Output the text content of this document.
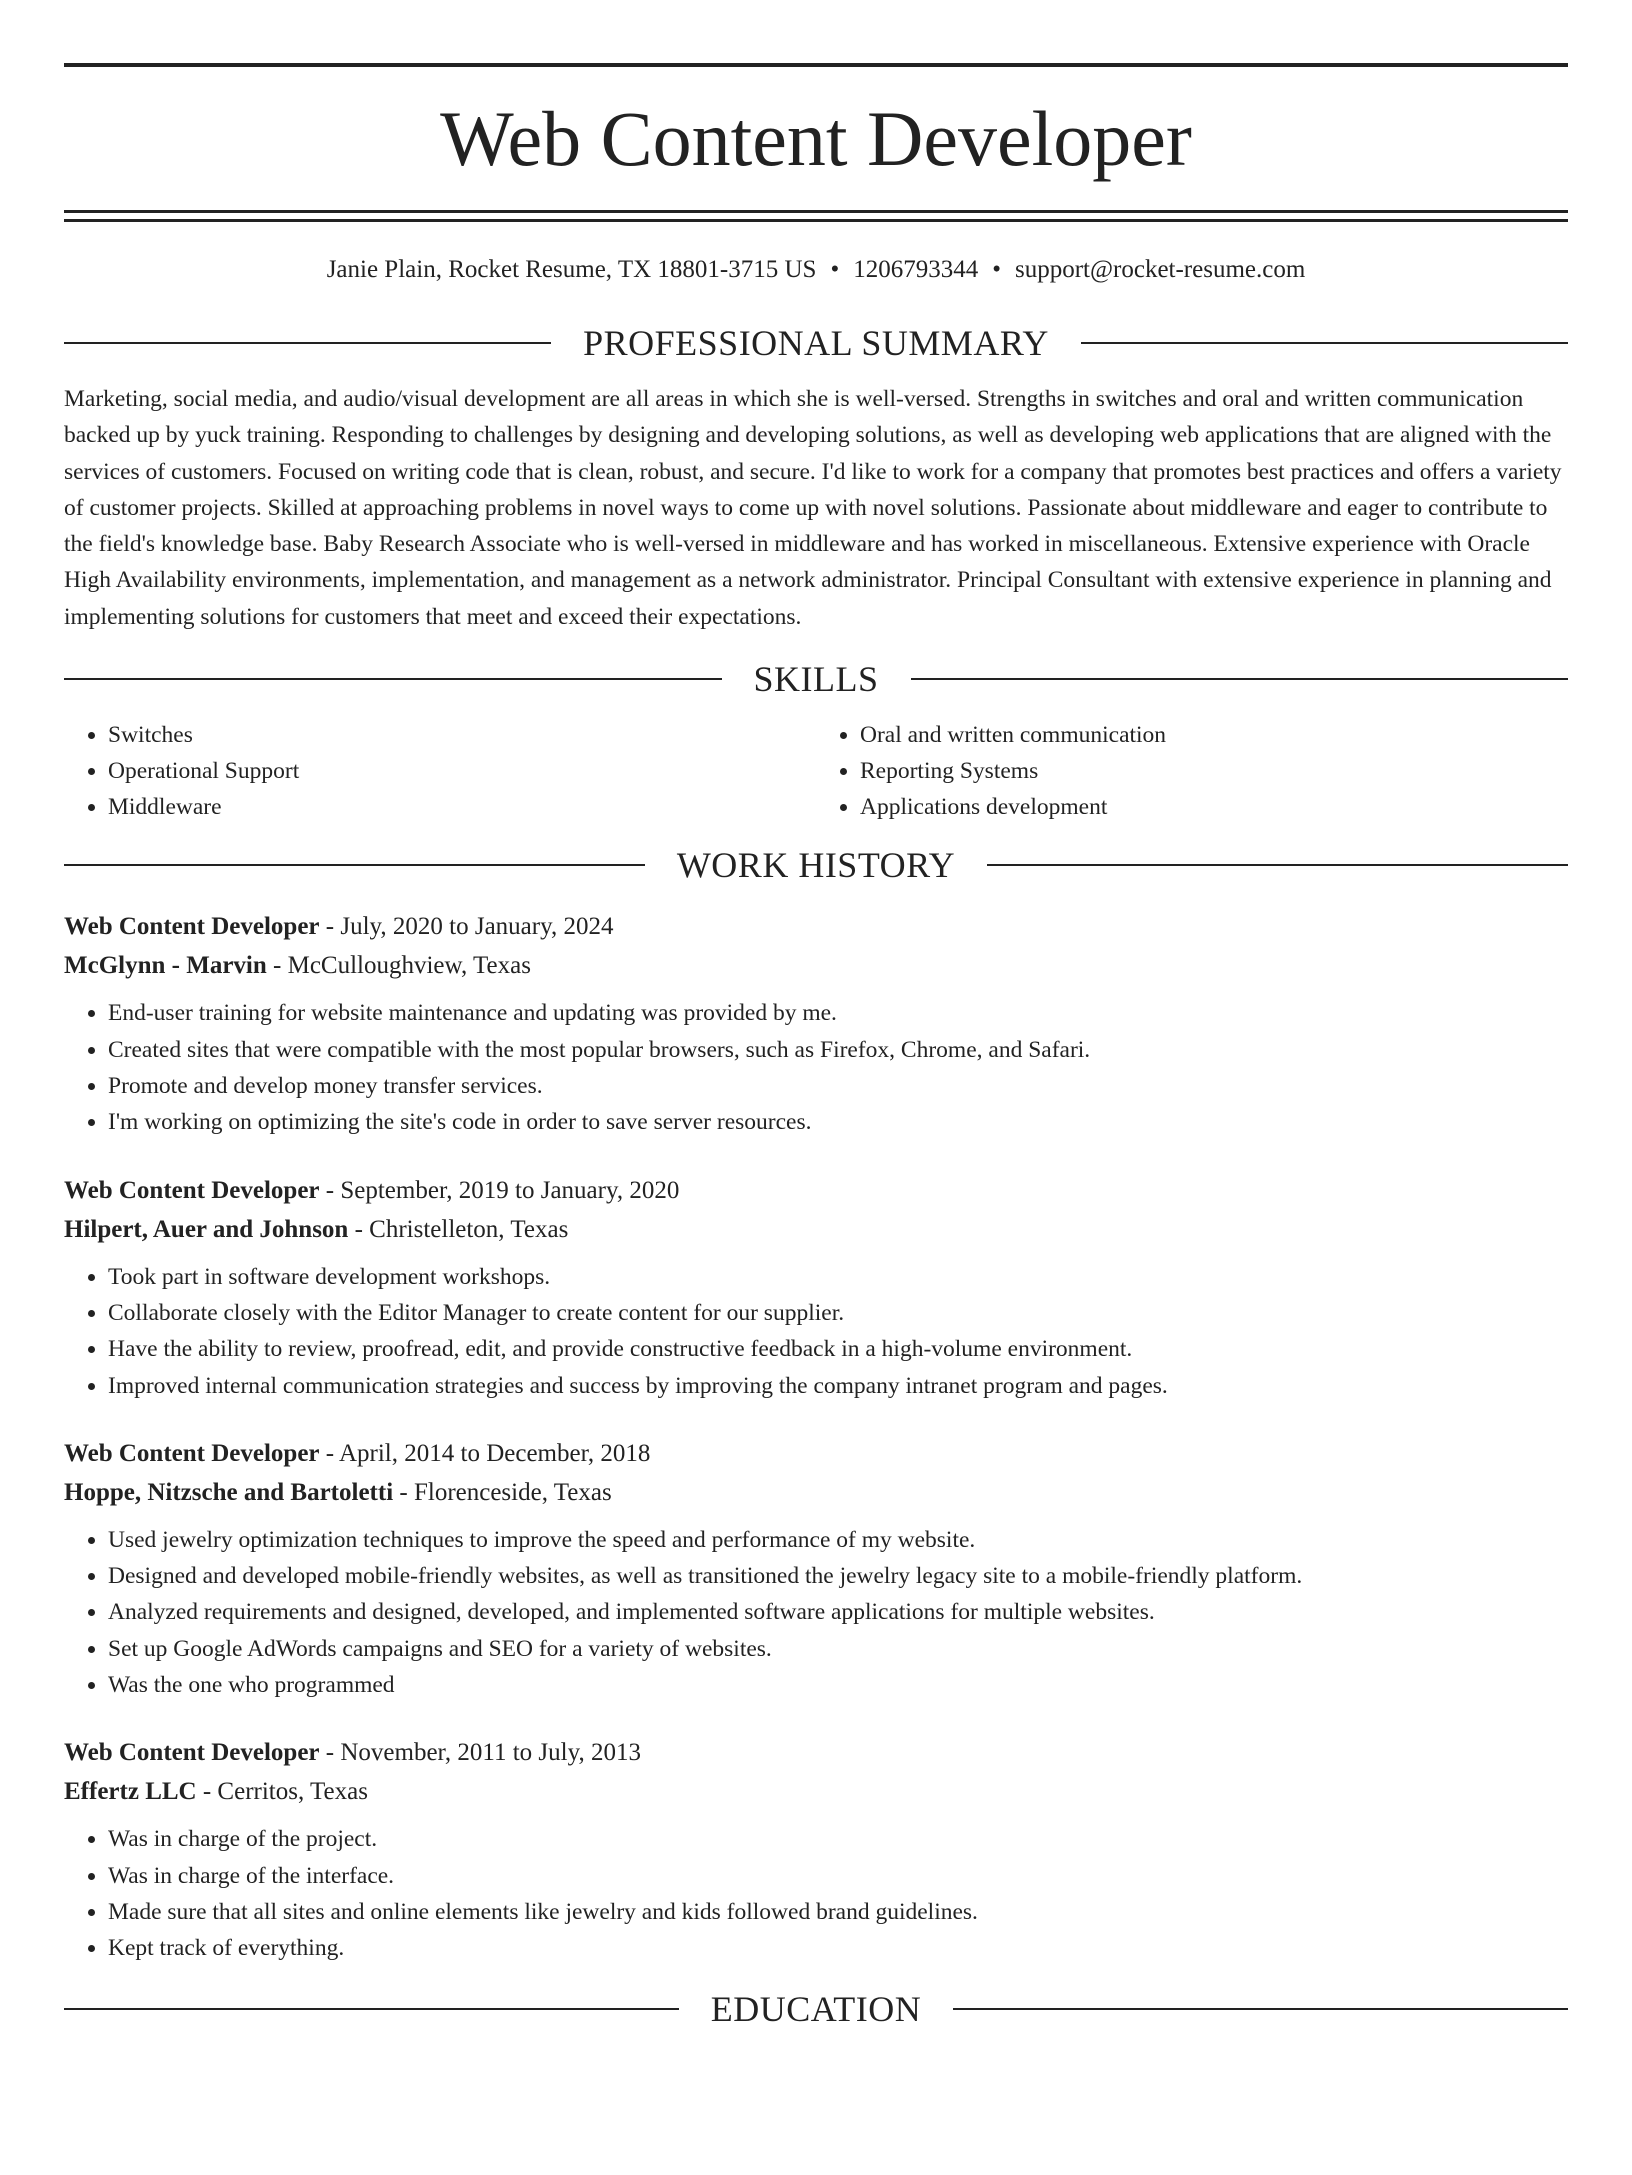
Web Content Developer
Janie Plain, Rocket Resume, TX 18801-3715 US • 1206793344 • support@rocket-resume.com
PROFESSIONAL SUMMARY

Marketing, social media, and audio/visual development are all areas in which she is well-versed. Strengths in switches and oral and written communication backed up by yuck training. Responding to challenges by designing and developing solutions, as well as developing web applications that are aligned with the services of customers. Focused on writing code that is clean, robust, and secure. I'd like to work for a company that promotes best practices and offers a variety of customer projects. Skilled at approaching problems in novel ways to come up with novel solutions. Passionate about middleware and eager to contribute to the field's knowledge base. Baby Research Associate who is well-versed in middleware and has worked in miscellaneous. Extensive experience with Oracle High Availability environments, implementation, and management as a network administrator. Principal Consultant with extensive experience in planning and implementing solutions for customers that meet and exceed their expectations.

SKILLS
• Switches
• Operational Support
• Middleware
• Oral and written communication
• Reporting Systems
• Applications development
WORK HISTORY
Web Content Developer - July, 2020 to January, 2024
McGlynn - Marvin - McCulloughview, Texas
• End-user training for website maintenance and updating was provided by me.
• Created sites that were compatible with the most popular browsers, such as Firefox, Chrome, and Safari.
• Promote and develop money transfer services.
• I'm working on optimizing the site's code in order to save server resources.
Web Content Developer - September, 2019 to January, 2020
Hilpert, Auer and Johnson - Christelleton, Texas
• Took part in software development workshops.
• Collaborate closely with the Editor Manager to create content for our supplier.
• Have the ability to review, proofread, edit, and provide constructive feedback in a high-volume environment.
• Improved internal communication strategies and success by improving the company intranet program and pages.
Web Content Developer - April, 2014 to December, 2018
Hoppe, Nitzsche and Bartoletti - Florenceside, Texas
• Used jewelry optimization techniques to improve the speed and performance of my website.
• Designed and developed mobile-friendly websites, as well as transitioned the jewelry legacy site to a mobile-friendly platform.
• Analyzed requirements and designed, developed, and implemented software applications for multiple websites.
• Set up Google AdWords campaigns and SEO for a variety of websites.
• Was the one who programmed
Web Content Developer - November, 2011 to July, 2013
Effertz LLC - Cerritos, Texas
• Was in charge of the project.
• Was in charge of the interface.
• Made sure that all sites and online elements like jewelry and kids followed brand guidelines.
• Kept track of everything.
EDUCATION
